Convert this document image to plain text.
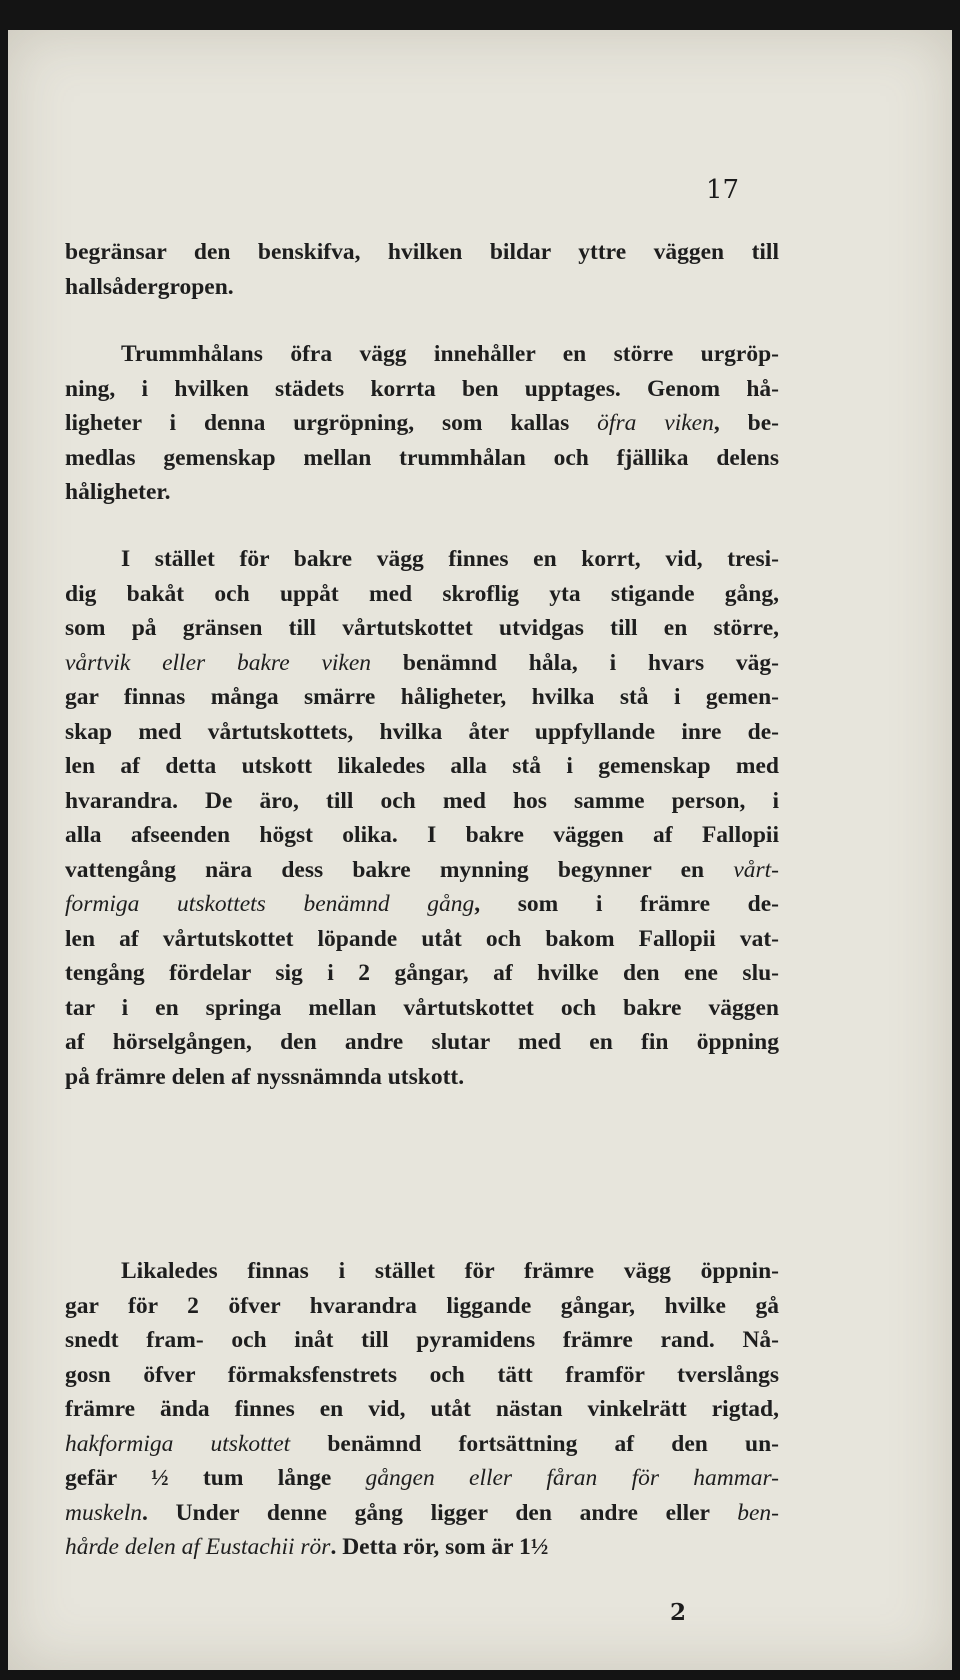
17
begränsar den benskifva, hvilken bildar yttre väggen till
hallsådergropen.
Trummhålans öfra vägg innehåller en större urgröp-
ning, i hvilken städets korrta ben upptages. Genom hå-
ligheter i denna urgröpning, som kallas öfra viken, be-
medlas gemenskap mellan trummhålan och fjällika delens
håligheter.
I stället för bakre vägg finnes en korrt, vid, tresi-
dig bakåt och uppåt med skroflig yta stigande gång,
som på gränsen till vårtutskottet utvidgas till en större,
vårtvik eller bakre viken benämnd håla, i hvars väg-
gar finnas många smärre håligheter, hvilka stå i gemen-
skap med vårtutskottets, hvilka åter uppfyllande inre de-
len af detta utskott likaledes alla stå i gemenskap med
hvarandra. De äro, till och med hos samme person, i
alla afseenden högst olika. I bakre väggen af Fallopii
vattengång nära dess bakre mynning begynner en vårt-
formiga utskottets benämnd gång, som i främre de-
len af vårtutskottet löpande utåt och bakom Fallopii vat-
tengång fördelar sig i 2 gångar, af hvilke den ene slu-
tar i en springa mellan vårtutskottet och bakre väggen
af hörselgången, den andre slutar med en fin öppning
på främre delen af nyssnämnda utskott.
Likaledes finnas i stället för främre vägg öppnin-
gar för 2 öfver hvarandra liggande gångar, hvilke gå
snedt fram- och inåt till pyramidens främre rand. Nå-
gosn öfver förmaksfenstrets och tätt framför tverslångs
främre ända finnes en vid, utåt nästan vinkelrätt rigtad,
hakformiga utskottet benämnd fortsättning af den un-
gefär ½ tum långe gången eller fåran för hammar-
muskeln. Under denne gång ligger den andre eller ben-
hårde delen af Eustachii rör. Detta rör, som är 1½
2
